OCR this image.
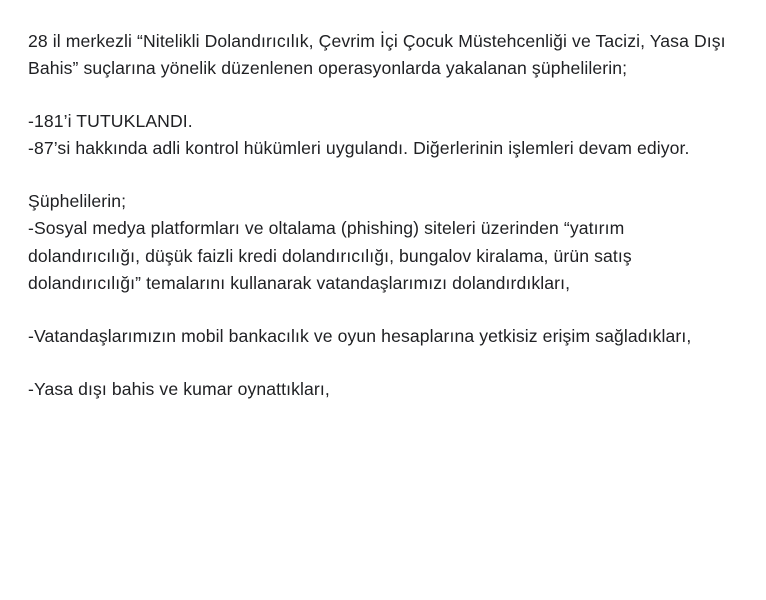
28 il merkezli “Nitelikli Dolandırıcılık, Çevrim İçi Çocuk Müstehcenliği ve Tacizi, Yasa Dışı Bahis” suçlarına yönelik düzenlenen operasyonlarda yakalanan şüphelilerin;

-181’i TUTUKLANDI.

-87’si hakkında adli kontrol hükümleri uygulandı. Diğerlerinin işlemleri devam ediyor.

Şüphelilerin;

-Sosyal medya platformları ve oltalama (phishing) siteleri üzerinden “yatırım dolandırıcılığı, düşük faizli kredi dolandırıcılığı, bungalov kiralama, ürün satış dolandırıcılığı” temalarını kullanarak vatandaşlarımızı dolandırdıkları,

-Vatandaşlarımızın mobil bankacılık ve oyun hesaplarına yetkisiz erişim sağladıkları,

-Yasa dışı bahis ve kumar oynattıkları,
